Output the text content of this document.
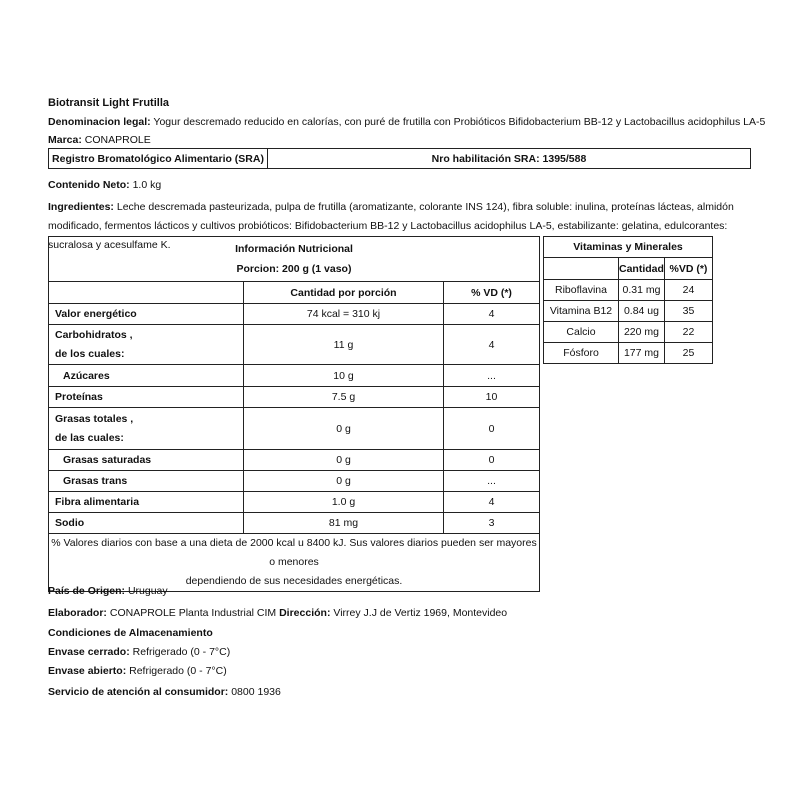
Biotransit Light Frutilla
Denominacion legal: Yogur descremado reducido en calorías, con puré de frutilla con Probióticos Bifidobacterium BB-12 y Lactobacillus acidophilus LA-5
Marca: CONAPROLE
Registro Bromatológico Alimentario (SRA)	Nro habilitación SRA: 1395/588
Contenido Neto: 1.0 kg
Ingredientes: Leche descremada pasteurizada, pulpa de frutilla (aromatizante, colorante INS 124), fibra soluble: inulina, proteínas lácteas, almidón modificado, fermentos lácticos y cultivos probióticos: Bifidobacterium BB-12 y Lactobacillus acidophilus LA-5, estabilizante: gelatina, edulcorantes: sucralosa y acesulfame K.	Información Nutricional
Porcion: 200 g (1 vaso)		

	Cantidad por porción	% VD (*)
Valor energético	74 kcal = 310 kj	4

Carbohidratos ,
de los cuales:	11 g	4
Azúcares	10 g	...
Proteínas	7.5 g	10

Grasas totales ,
de las cuales:	0 g	0
Grasas saturadas	0 g	0
Grasas trans	0 g	...
Fibra alimentaria	1.0 g	4
Sodio	81 mg	3

% Valores diarios con base a una dieta de 2000 kcal u 8400 kJ. Sus valores diarios pueden ser mayores o menores
dependiendo de sus necesidades energéticas.		
Vitaminas y Minerales		
	Cantidad	%VD (*)
Riboflavina	0.31 mg	24
Vitamina B12	0.84 ug	35
Calcio	220 mg	22
Fósforo	177 mg	25
País de Origen: Uruguay
Elaborador: CONAPROLE Planta Industrial CIM Dirección: Virrey J.J de Vertiz 1969, Montevideo
Condiciones de Almacenamiento
Envase cerrado: Refrigerado (0 - 7°C)
Envase abierto: Refrigerado (0 - 7°C)
Servicio de atención al consumidor: 0800 1936
